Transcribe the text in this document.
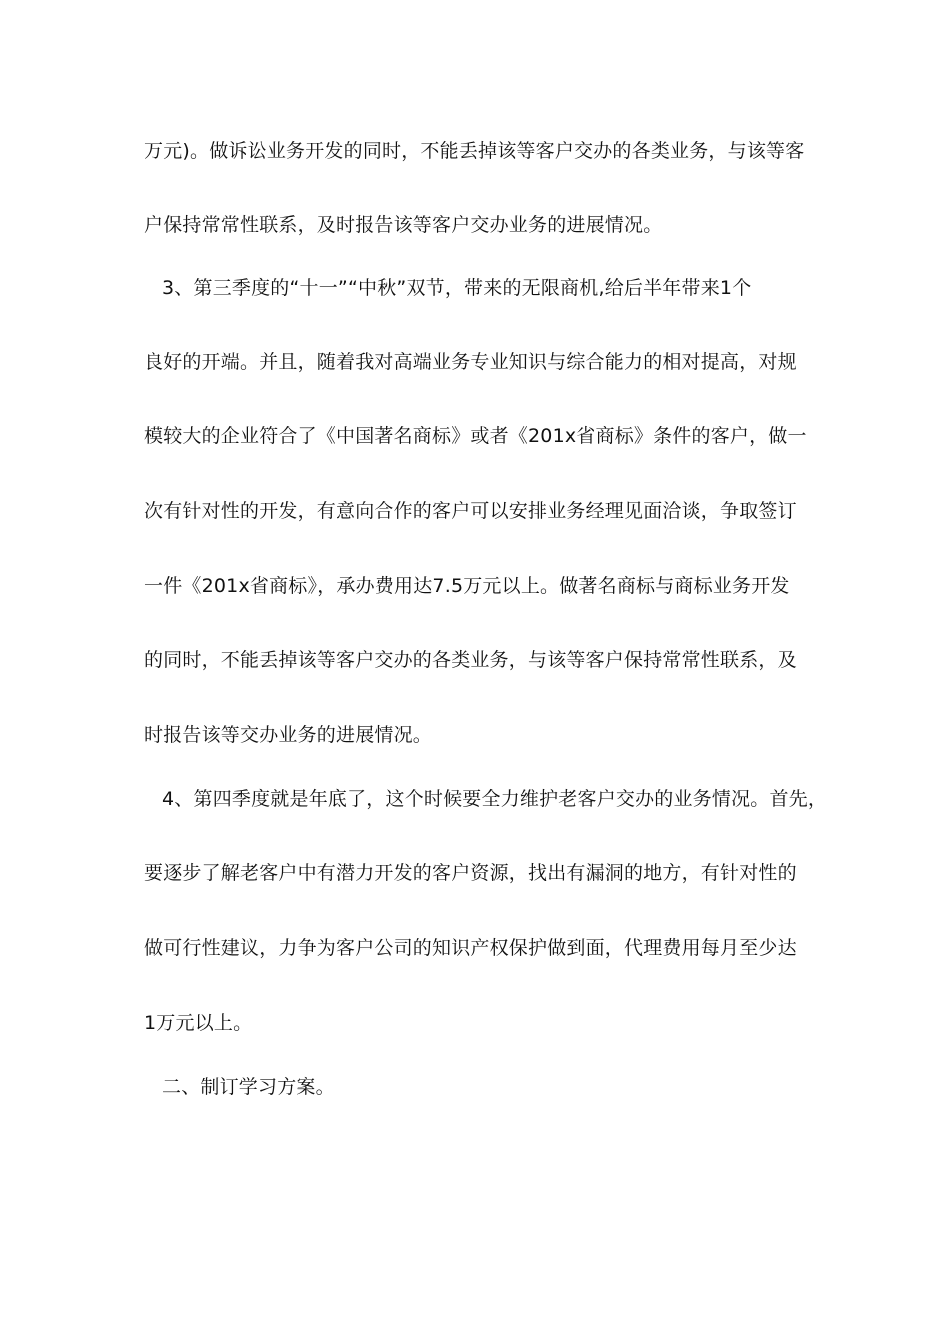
万元)。做诉讼业务开发的同时，不能丢掉该等客户交办的各类业务，与该等客
户保持常常性联系，及时报告该等客户交办业务的进展情况。
3、第三季度的“十一”“中秋”双节，带来的无限商机,给后半年带来1个
良好的开端。并且，随着我对高端业务专业知识与综合能力的相对提高，对规
模较大的企业符合了《中国著名商标》或者《201x省商标》条件的客户，做一
次有针对性的开发，有意向合作的客户可以安排业务经理见面洽谈，争取签订
一件《201x省商标》，承办费用达7.5万元以上。做著名商标与商标业务开发
的同时，不能丢掉该等客户交办的各类业务，与该等客户保持常常性联系，及
时报告该等交办业务的进展情况。
4、第四季度就是年底了，这个时候要全力维护老客户交办的业务情况。首先，
要逐步了解老客户中有潜力开发的客户资源，找出有漏洞的地方，有针对性的
做可行性建议，力争为客户公司的知识产权保护做到面，代理费用每月至少达
1万元以上。
二、制订学习方案。
